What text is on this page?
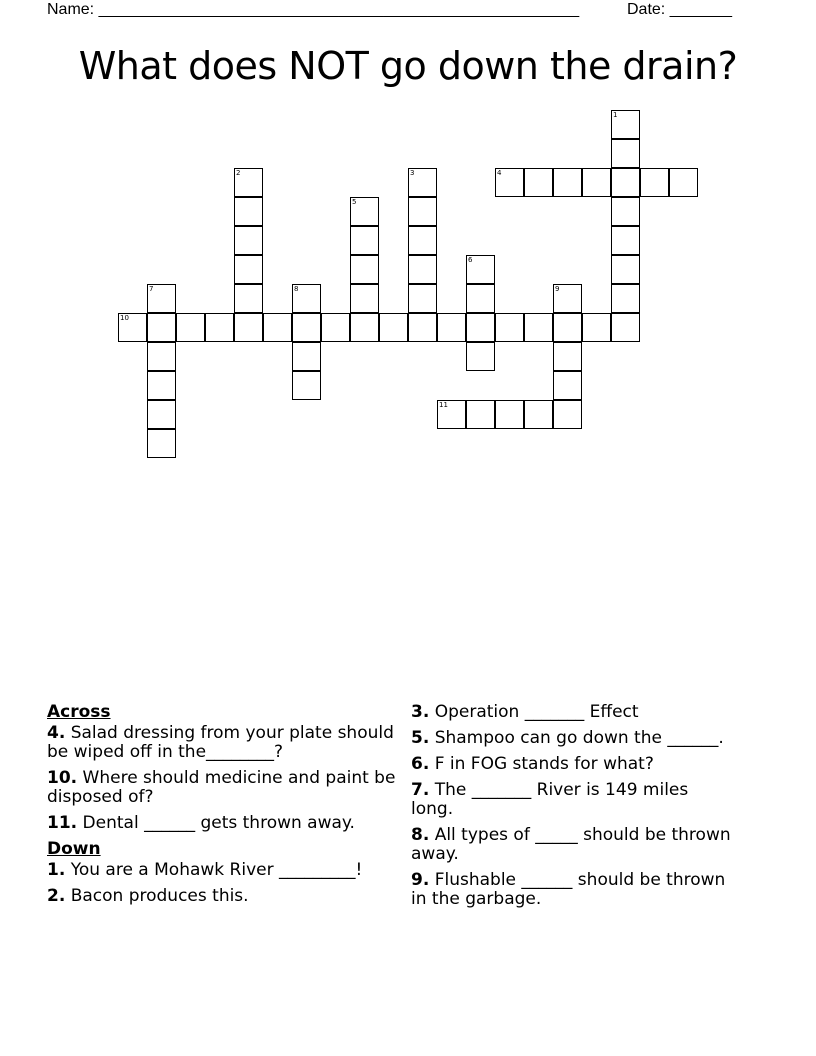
Name: ______________________________________________________	Date: _______
What does NOT go down the drain?
1
4
2	3
5
6
7	8	9
10
11
Across
4. Salad dressing from your plate should be wiped off in the________?
10. Where should medicine and paint be disposed of?
11. Dental ______ gets thrown away.
Down
1. You are a Mohawk River _________!
2. Bacon produces this.
3. Operation _______ Effect
5. Shampoo can go down the ______.
6. F in FOG stands for what?
7. The _______ River is 149 miles long.
8. All types of _____ should be thrown away.
9. Flushable ______ should be thrown in the garbage.
